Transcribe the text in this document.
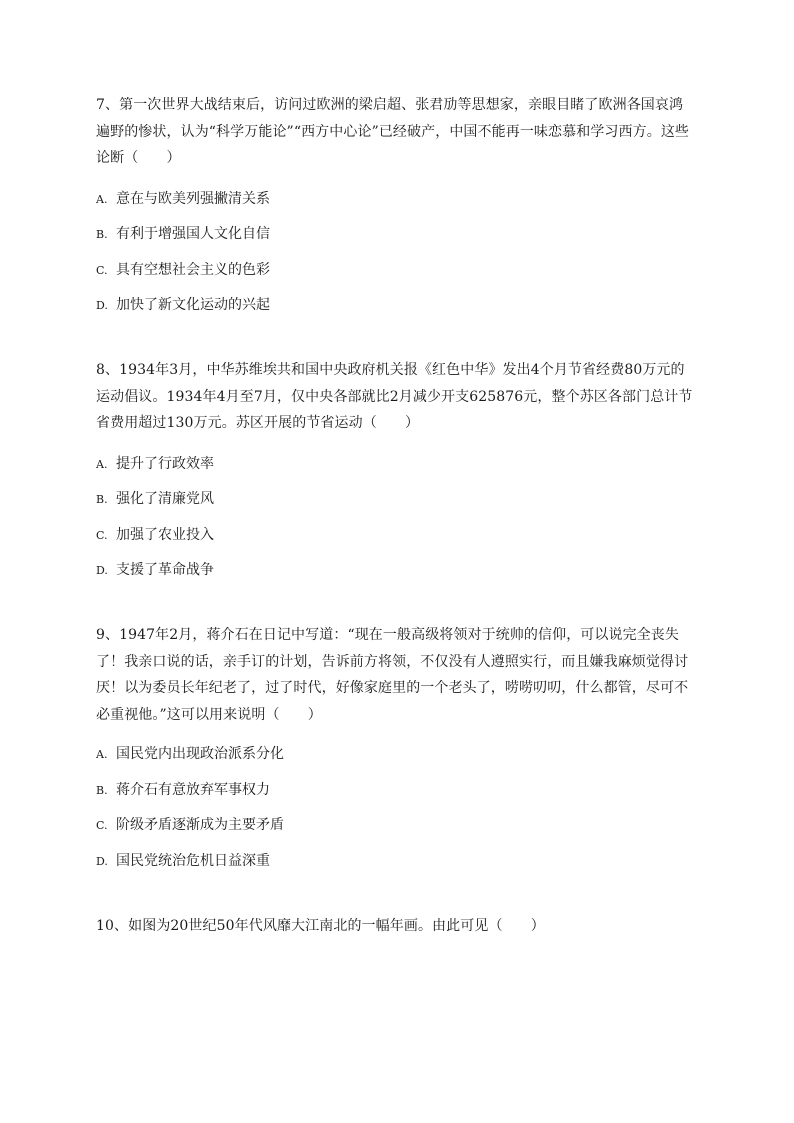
7、第一次世界大战结束后，访问过欧洲的梁启超、张君劢等思想家，亲眼目睹了欧洲各国哀鸿遍野的惨状，认为“科学万能论”“西方中心论”已经破产，中国不能再一味恋慕和学习西方。这些论断（　　）

A. 意在与欧美列强撇清关系
B. 有利于增强国人文化自信
C. 具有空想社会主义的色彩
D. 加快了新文化运动的兴起

8、1934年3月，中华苏维埃共和国中央政府机关报《红色中华》发出4个月节省经费80万元的运动倡议。1934年4月至7月，仅中央各部就比2月减少开支625876元，整个苏区各部门总计节省费用超过130万元。苏区开展的节省运动（　　）

A. 提升了行政效率
B. 强化了清廉党风
C. 加强了农业投入
D. 支援了革命战争

9、1947年2月，蒋介石在日记中写道：“现在一般高级将领对于统帅的信仰，可以说完全丧失了！我亲口说的话，亲手订的计划，告诉前方将领，不仅没有人遵照实行，而且嫌我麻烦觉得讨厌！以为委员长年纪老了，过了时代，好像家庭里的一个老头了，唠唠叨叨，什么都管，尽可不必重视他。”这可以用来说明（　　）

A. 国民党内出现政治派系分化
B. 蒋介石有意放弃军事权力
C. 阶级矛盾逐渐成为主要矛盾
D. 国民党统治危机日益深重

10、如图为20世纪50年代风靡大江南北的一幅年画。由此可见（　　）
